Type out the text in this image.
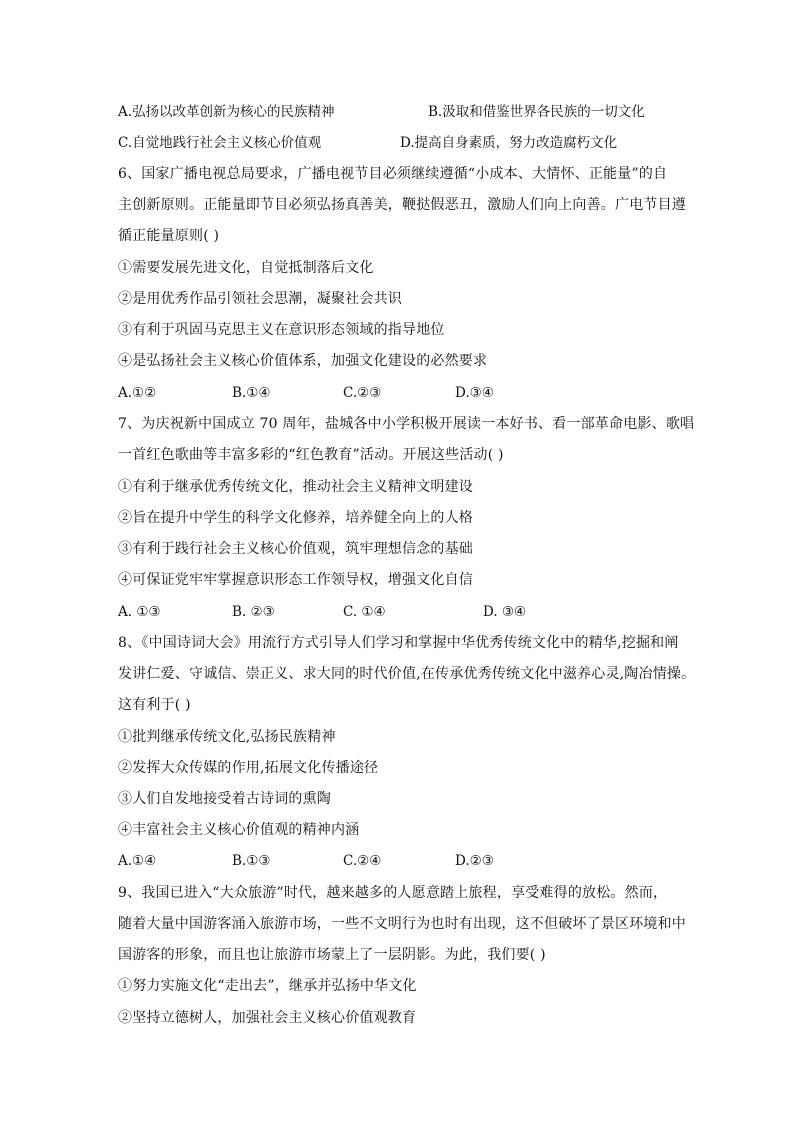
A.弘扬以改革创新为核心的民族精神	B.汲取和借鉴世界各民族的一切文化
C.自觉地践行社会主义核心价值观	D.提高自身素质，努力改造腐朽文化
6、国家广播电视总局要求，广播电视节目必须继续遵循“小成本、大情怀、正能量”的自
主创新原则。正能量即节目必须弘扬真善美，鞭挞假恶丑，激励人们向上向善。广电节目遵
循正能量原则( )
①需要发展先进文化，自觉抵制落后文化
②是用优秀作品引领社会思潮，凝聚社会共识
③有利于巩固马克思主义在意识形态领域的指导地位
④是弘扬社会主义核心价值体系，加强文化建设的必然要求
A.①②	B.①④	C.②③	D.③④
7、为庆祝新中国成立 70 周年，盐城各中小学积极开展读一本好书、看一部革命电影、歌唱
一首红色歌曲等丰富多彩的“红色教育”活动。开展这些活动( )
①有利于继承优秀传统文化，推动社会主义精神文明建设
②旨在提升中学生的科学文化修养，培养健全向上的人格
③有利于践行社会主义核心价值观，筑牢理想信念的基础
④可保证党牢牢掌握意识形态工作领导权，增强文化自信
A. ①③	B. ②③	C. ①④	D. ③④
8、《中国诗词大会》用流行方式引导人们学习和掌握中华优秀传统文化中的精华,挖掘和阐
发讲仁爱、守诚信、崇正义、求大同的时代价值,在传承优秀传统文化中滋养心灵,陶冶情操。
这有利于( )
①批判继承传统文化,弘扬民族精神
②发挥大众传媒的作用,拓展文化传播途径
③人们自发地接受着古诗词的熏陶
④丰富社会主义核心价值观的精神内涵
A.①④	B.①③	C.②④	D.②③
9、我国已进入“大众旅游”时代，越来越多的人愿意踏上旅程，享受难得的放松。然而，
随着大量中国游客涌入旅游市场，一些不文明行为也时有出现，这不但破坏了景区环境和中
国游客的形象，而且也让旅游市场蒙上了一层阴影。为此，我们要( )
①努力实施文化“走出去”，继承并弘扬中华文化
②坚持立德树人，加强社会主义核心价值观教育
